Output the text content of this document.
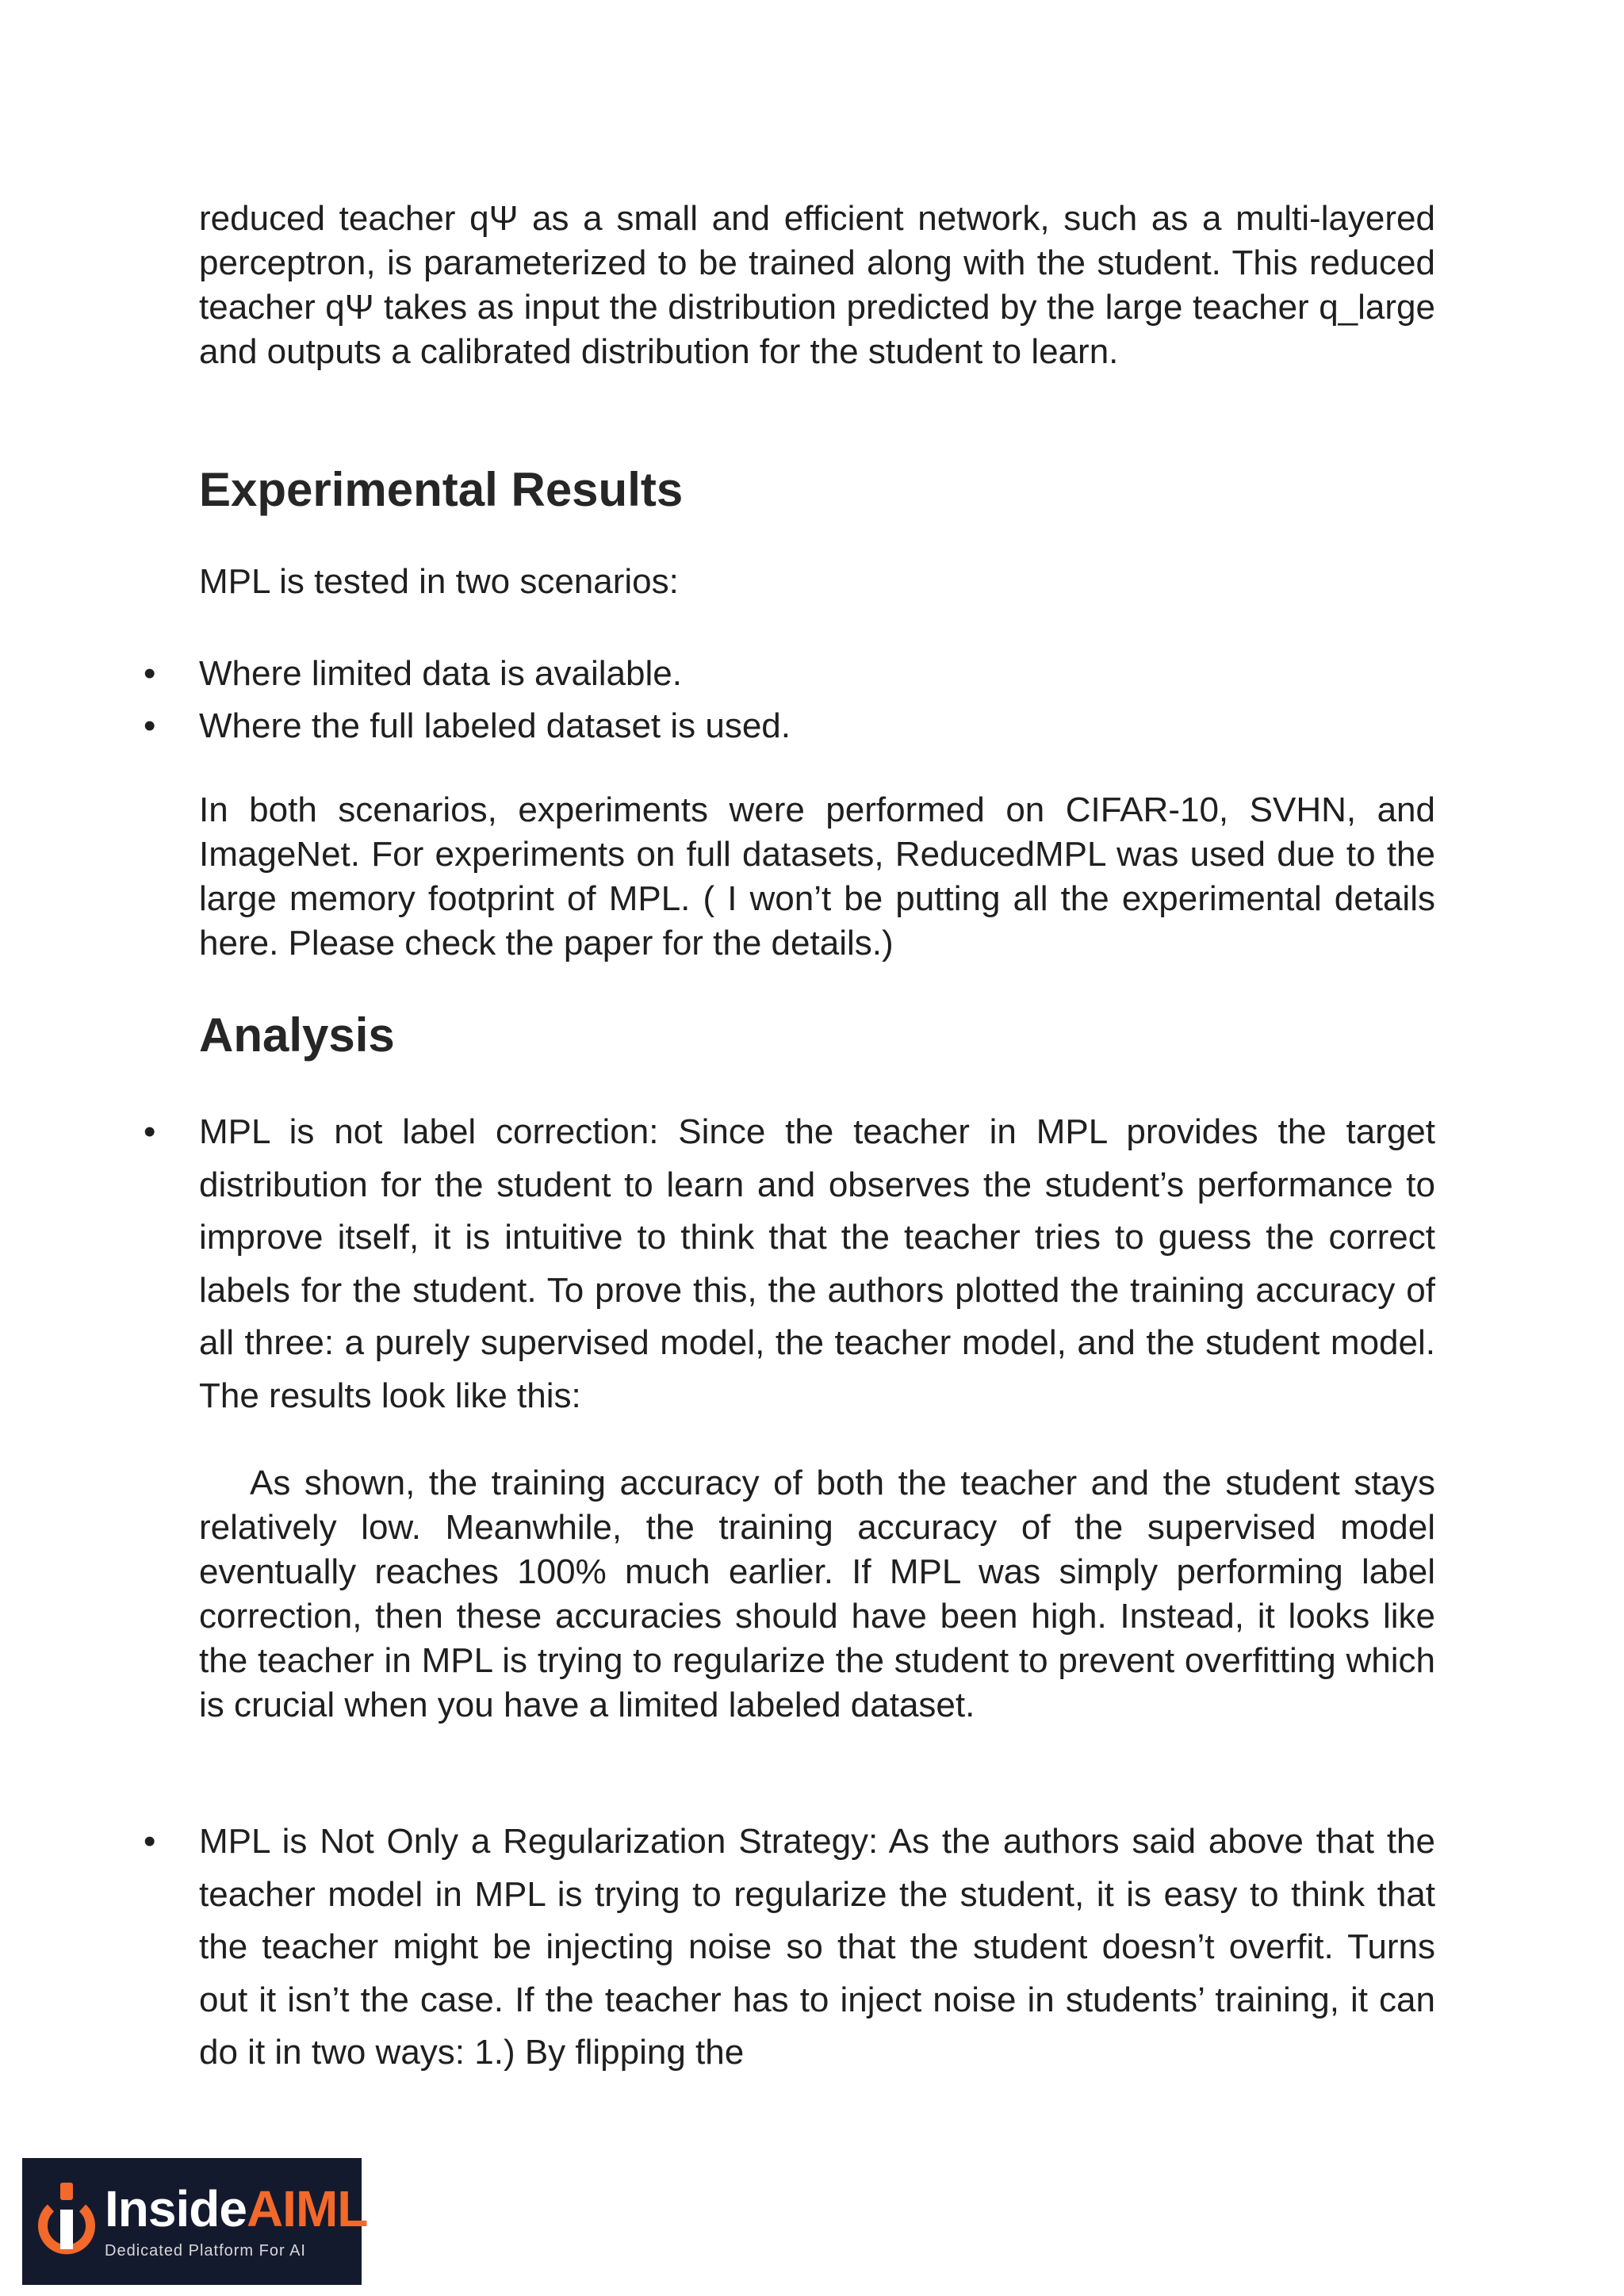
reduced teacher qΨ as a small and efficient network, such as a multi-layered perceptron, is parameterized to be trained along with the student. This reduced teacher qΨ takes as input the distribution predicted by the large teacher q_large and outputs a calibrated distribution for the student to learn.

Experimental Results

MPL is tested in two scenarios:

• Where limited data is available.
• Where the full labeled dataset is used.

In both scenarios, experiments were performed on CIFAR-10, SVHN, and ImageNet. For experiments on full datasets, ReducedMPL was used due to the large memory footprint of MPL. ( I won’t be putting all the experimental details here. Please check the paper for the details.)

Analysis
• MPL is not label correction: Since the teacher in MPL provides the target distribution for the student to learn and observes the student’s performance to improve itself, it is intuitive to think that the teacher tries to guess the correct labels for the student. To prove this, the authors plotted the training accuracy of all three: a purely supervised model, the teacher model, and the student model. The results look like this:

As shown, the training accuracy of both the teacher and the student stays relatively low. Meanwhile, the training accuracy of the supervised model eventually reaches 100% much earlier. If MPL was simply performing label correction, then these accuracies should have been high. Instead, it looks like the teacher in MPL is trying to regularize the student to prevent overfitting which is crucial when you have a limited labeled dataset.

• MPL is Not Only a Regularization Strategy: As the authors said above that the teacher model in MPL is trying to regularize the student, it is easy to think that the teacher might be injecting noise so that the student doesn’t overfit. Turns out it isn’t the case. If the teacher has to inject noise in students’ training, it can do it in two ways: 1.) By flipping the

InsideAIML
Dedicated Platform For AI
